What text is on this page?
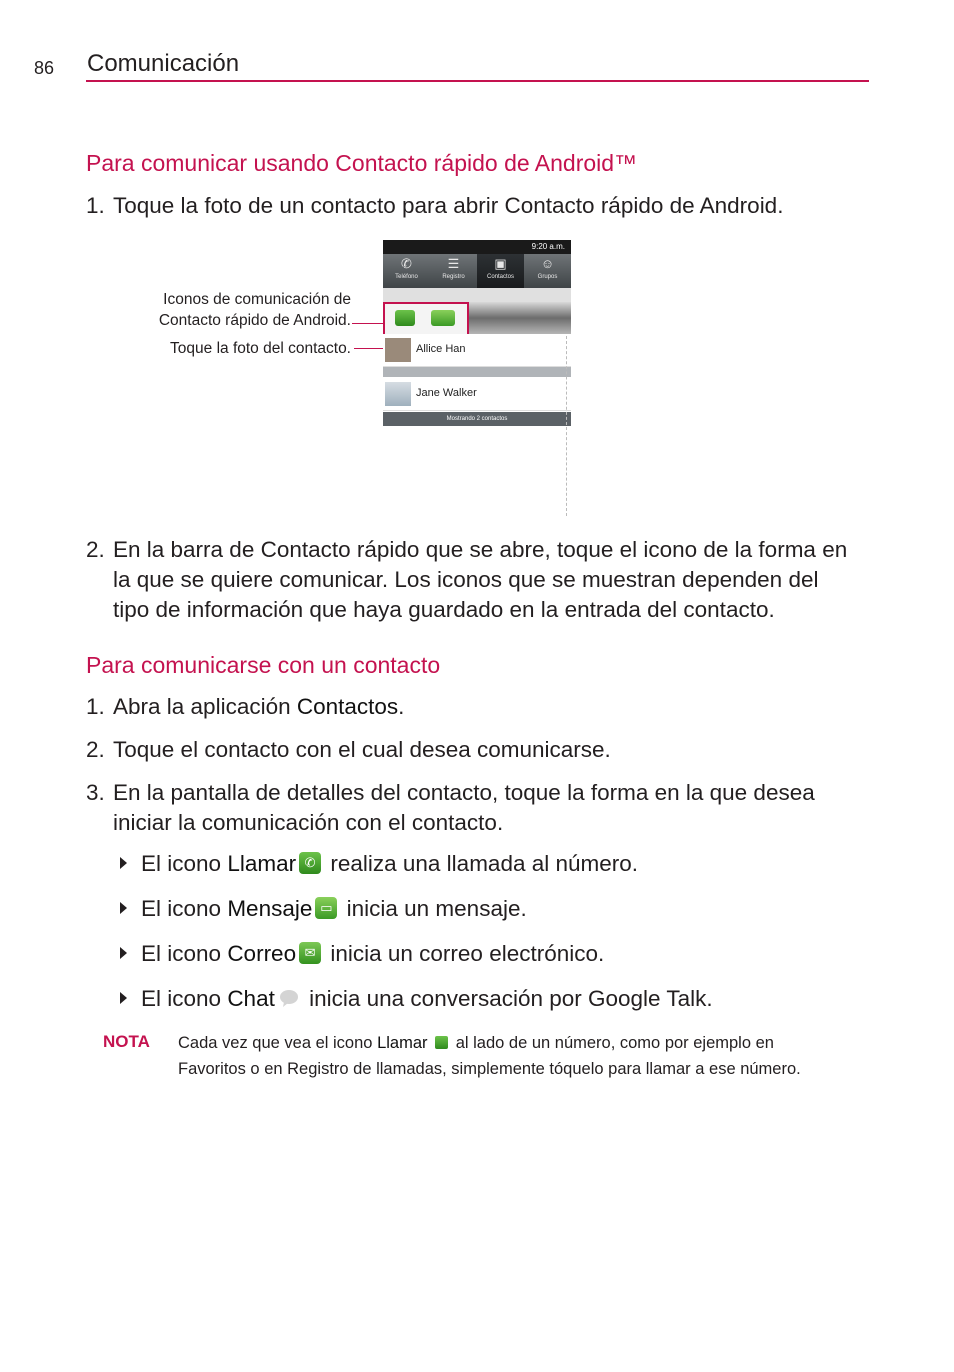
86 Comunicación
Para comunicar usando Contacto rápido de Android™
1. Toque la foto de un contacto para abrir Contacto rápido de Android.
Iconos de comunicación de
Contacto rápido de Android.
Toque la foto del contacto.
9:20 a.m.
✆
Teléfono
☰
Registro
▣
Contactos
☺
Grupos
Allice Han
Jane Walker
Mostrando 2 contactos
2. En la barra de Contacto rápido que se abre, toque el icono de la forma en
la que se quiere comunicar. Los iconos que se muestran dependen del
tipo de información que haya guardado en la entrada del contacto.
Para comunicarse con un contacto
1. Abra la aplicación Contactos.
2. Toque el contacto con el cual desea comunicarse.
3. En la pantalla de detalles del contacto, toque la forma en la que desea
iniciar la comunicación con el contacto.
El icono Llamar ✆ realiza una llamada al número.
El icono Mensaje ▭ inicia un mensaje.
El icono Correo ✉ inicia un correo electrónico.
El icono Chat inicia una conversación por Google Talk.
NOTA Cada vez que vea el icono Llamar al lado de un número, como por ejemplo en
Favoritos o en Registro de llamadas, simplemente tóquelo para llamar a ese número.
